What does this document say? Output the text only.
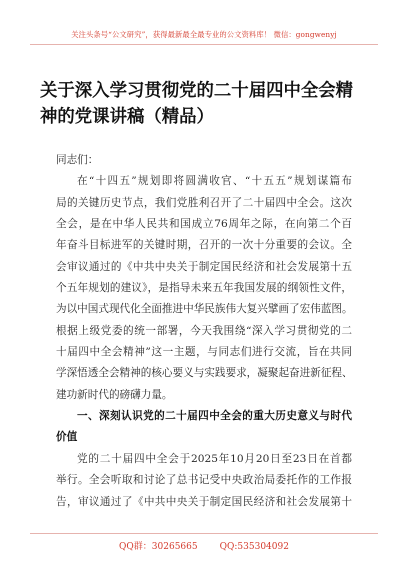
关注头条号“公文研究”，获得最新最全最专业的公文资料库！ 微信：gongwenyj
关于深入学习贯彻党的二十届四中全会精
神的党课讲稿（精品）
同志们：
在“十四五”规划即将圆满收官、“十五五”规划谋篇布
局的关键历史节点，我们党胜利召开了二十届四中全会。这次
全会，是在中华人民共和国成立76周年之际，在向第二个百
年奋斗目标进军的关键时期，召开的一次十分重要的会议。全
会审议通过的《中共中央关于制定国民经济和社会发展第十五
个五年规划的建议》，是指导未来五年我国发展的纲领性文件，
为以中国式现代化全面推进中华民族伟大复兴擘画了宏伟蓝图。
根据上级党委的统一部署，今天我围绕“深入学习贯彻党的二
十届四中全会精神”这一主题，与同志们进行交流，旨在共同
学深悟透全会精神的核心要义与实践要求，凝聚起奋进新征程、
建功新时代的磅礴力量。
一、深刻认识党的二十届四中全会的重大历史意义与时代
价值
党的二十届四中全会于2025年10月20日至23日在首都
举行。全会听取和讨论了总书记受中央政治局委托作的工作报
告，审议通过了《中共中央关于制定国民经济和社会发展第十
QQ群：30265665 QQ:535304092
